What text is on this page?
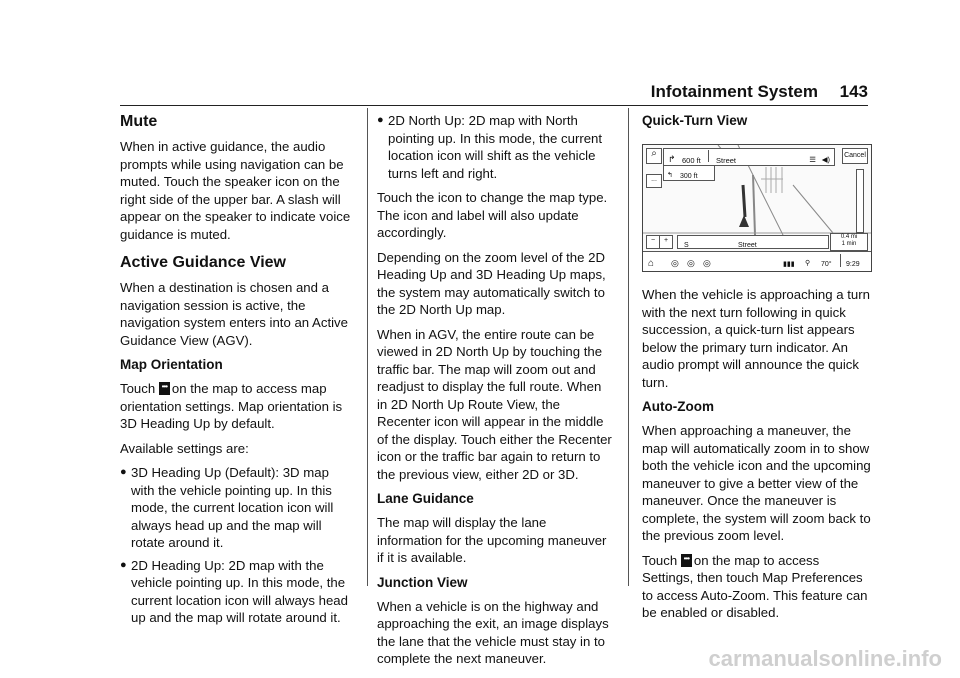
Infotainment System 143
Mute

When in active guidance, the audio prompts while using navigation can be muted. Touch the speaker icon on the right side of the upper bar. A slash will appear on the speaker to indicate voice guidance is muted.

Active Guidance View

When a destination is chosen and a navigation session is active, the navigation system enters into an Active Guidance View (AGV).

Map Orientation

Touch ••• on the map to access map orientation settings. Map orientation is 3D Heading Up by default.

Available settings are:

● 3D Heading Up (Default): 3D map with the vehicle pointing up. In this mode, the current location icon will always head up and the map will rotate around it.
● 2D Heading Up: 2D map with the vehicle pointing up. In this mode, the current location icon will always head up and the map will rotate around it.
● 2D North Up: 2D map with North pointing up. In this mode, the current location icon will shift as the vehicle turns left and right.

Touch the icon to change the map type. The icon and label will also update accordingly.

Depending on the zoom level of the 2D Heading Up and 3D Heading Up maps, the system may automatically switch to the 2D North Up map.

When in AGV, the entire route can be viewed in 2D North Up by touching the traffic bar. The map will zoom out and readjust to display the full route. When in 2D North Up Route View, the Recenter icon will appear in the middle of the display. Touch either the Recenter icon or the traffic bar again to return to the previous view, either 2D or 3D.

Lane Guidance

The map will display the lane information for the upcoming maneuver if it is available.

Junction View

When a vehicle is on the highway and approaching the exit, an image displays the lane that the vehicle must stay in to complete the next maneuver.

Quick-Turn View
⌕
...
↱ 600 ft Street	☰ ◀) Cancel
↰ 300 ft
−	+
S	Street
0.4 mi
1 min
⌂ ◎ ◎ ◎	▮▮▮ ⚲ 70° 9:29

When the vehicle is approaching a turn with the next turn following in quick succession, a quick-turn list appears below the primary turn indicator. An audio prompt will announce the quick turn.

Auto-Zoom

When approaching a maneuver, the map will automatically zoom in to show both the vehicle icon and the upcoming maneuver to give a better view of the maneuver. Once the maneuver is complete, the system will zoom back to the previous zoom level.

Touch ••• on the map to access Settings, then touch Map Preferences to access Auto-Zoom. This feature can be enabled or disabled.

carmanualsonline.info
